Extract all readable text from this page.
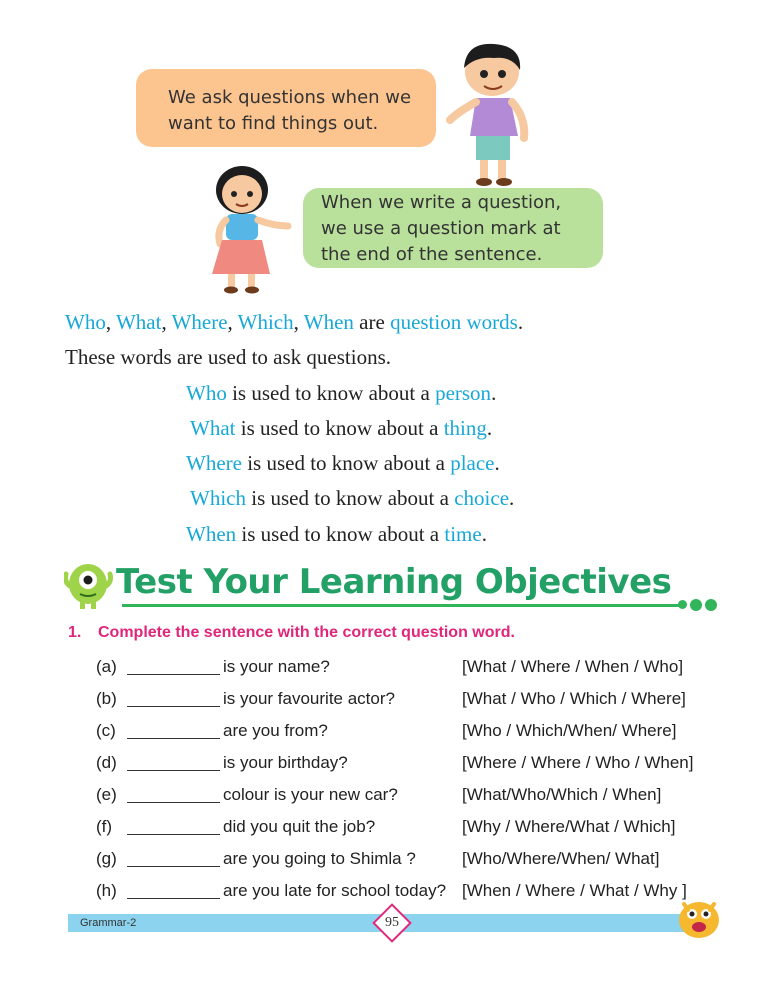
We ask questions when we want to find things out.
When we write a question, we use a question mark at the end of the sentence.
Who, What, Where, Which, When are question words.
These words are used to ask questions.
Who is used to know about a person.
What is used to know about a thing.
Where is used to know about a place.
Which is used to know about a choice.
When is used to know about a time.
Test Your Learning Objectives
1. Complete the sentence with the correct question word.
(a)	is your name?	[What / Where / When / Who]
(b)	is your favourite actor?	[What / Who / Which / Where]
(c)	are you from?	[Who / Which/When/ Where]
(d)	is your birthday?	[Where / Where / Who / When]
(e)	colour is your new car?	[What/Who/Which / When]
(f)	did you quit the job?	[Why / Where/What / Which]
(g)	are you going to Shimla ?	[Who/Where/When/ What]
(h)	are you late for school today? [When / Where / What / Why ]
Grammar-2	95
